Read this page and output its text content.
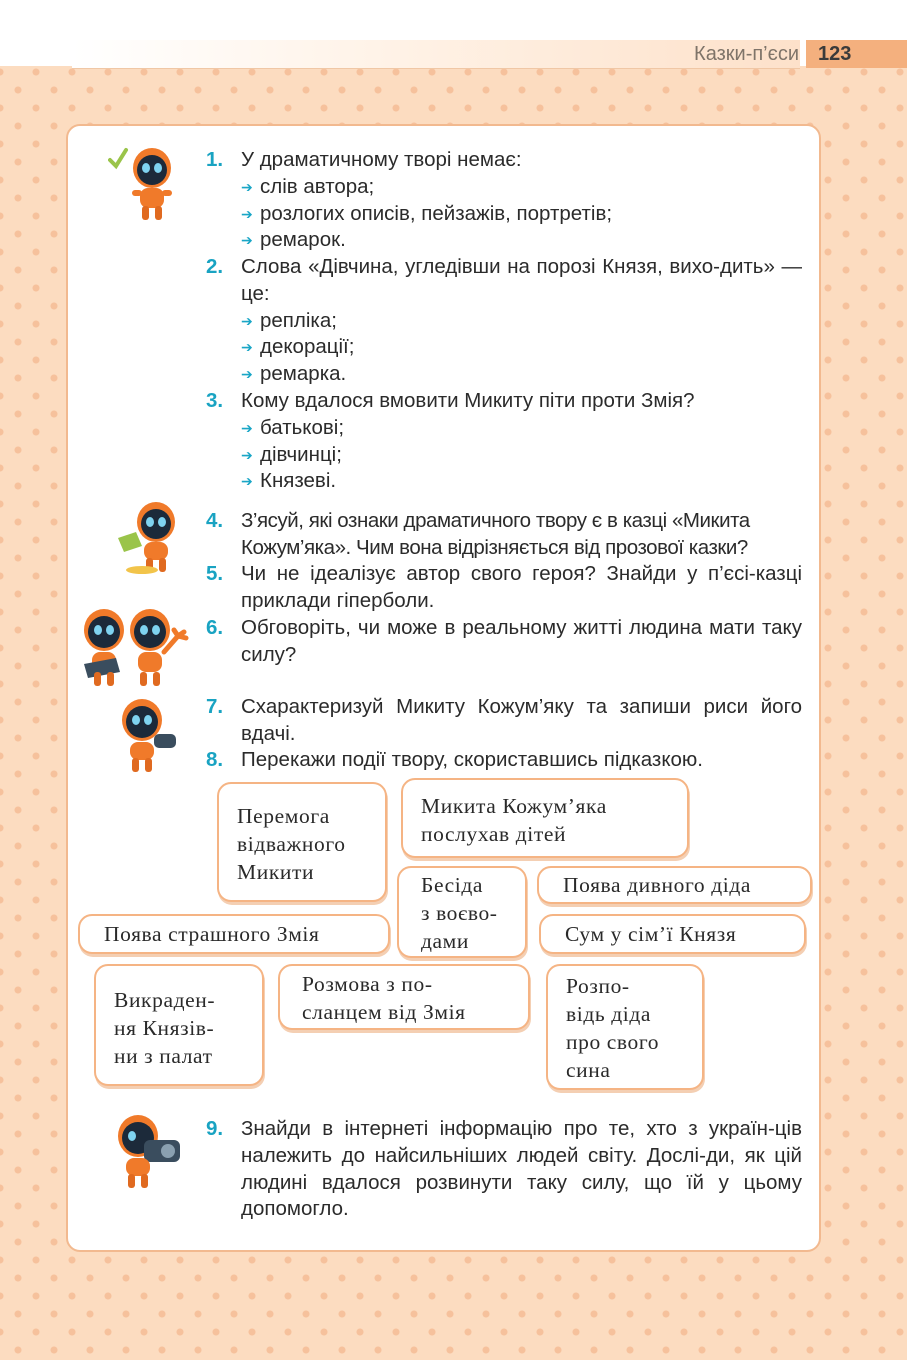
Казки-п’єси 123
1. У драматичному творі немає:
➔ слів автора;
➔ розлогих описів, пейзажів, портретів;
➔ ремарок.
2. Слова «Дівчина, угледівши на порозі Князя, вихо-дить» — це:
➔ репліка;
➔ декорації;
➔ ремарка.
3. Кому вдалося вмовити Микиту піти проти Змія?
➔ батькові;
➔ дівчинці;
➔ Князеві.
4. З’ясуй, які ознаки драматичного твору є в казці «Микита Кожум’яка». Чим вона відрізняється від прозової казки?
5. Чи не ідеалізує автор свого героя? Знайди у п’єсі-казці приклади гіперболи.
6. Обговоріть, чи може в реальному житті людина мати таку силу?
7. Схарактеризуй Микиту Кожум’яку та запиши риси його вдачі.
8. Перекажи події твору, скориставшись підказкою.
Перемога
відважного
Микити
Микита Кожум’яка
послухав дітей
Бесіда
з воєво-
дами
Поява дивного діда
Поява страшного Змія	Сум у сім’ї Князя
Викраден-
ня Князів-
ни з палат
Розмова з по-
сланцем від Змія
Розпо-
відь діда
про свого
сина
9. Знайди в інтернеті інформацію про те, хто з україн-ців належить до найсильніших людей світу. Дослі-ди, як цій людині вдалося розвинути таку силу, що їй у цьому допомогло.
